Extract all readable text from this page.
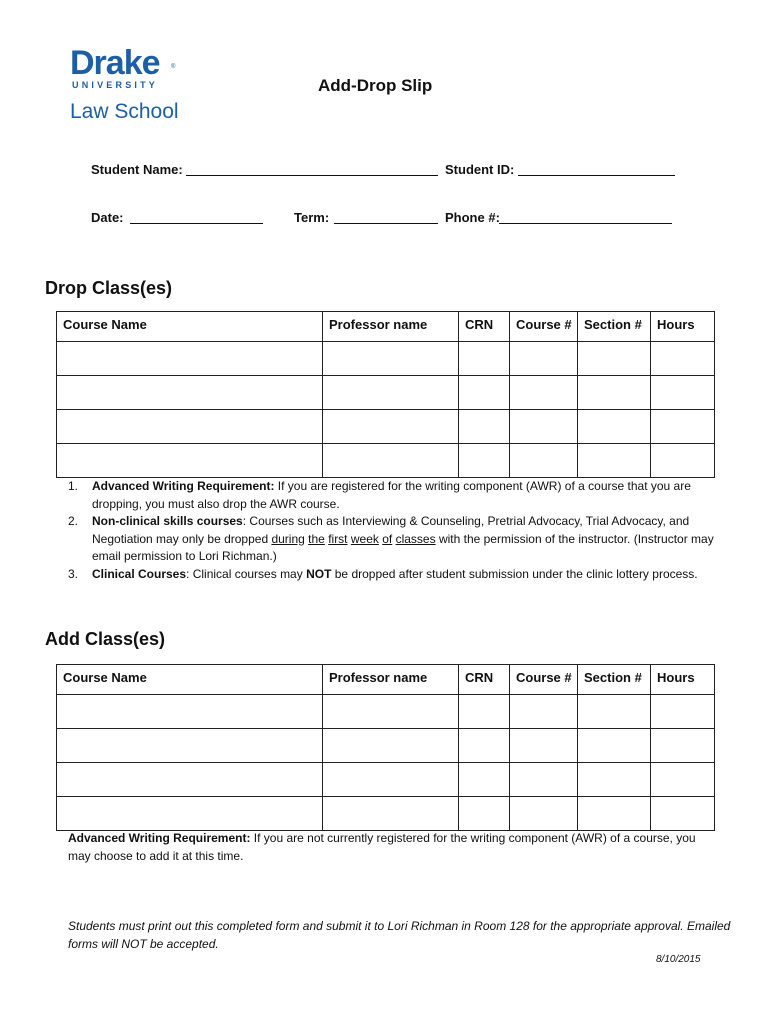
Drake ®
UNIVERSITY
Law School
Add-Drop Slip
Student Name:	Student ID:
Date:	Term:	Phone #:
Drop Class(es)
Course Name	Professor name	CRN	Course #	Section #	Hours

1. Advanced Writing Requirement: If you are registered for the writing component (AWR) of a course that you are dropping, you must also drop the AWR course.
2. Non-clinical skills courses: Courses such as Interviewing & Counseling, Pretrial Advocacy, Trial Advocacy, and Negotiation may only be dropped during the first week of classes with the permission of the instructor. (Instructor may email permission to Lori Richman.)
3. Clinical Courses: Clinical courses may NOT be dropped after student submission under the clinic lottery process.
Add Class(es)
Course Name	Professor name	CRN	Course #	Section #	Hours

Advanced Writing Requirement: If you are not currently registered for the writing component (AWR) of a course, you may choose to add it at this time.
Students must print out this completed form and submit it to Lori Richman in Room 128 for the appropriate approval. Emailed forms will NOT be accepted.
8/10/2015
